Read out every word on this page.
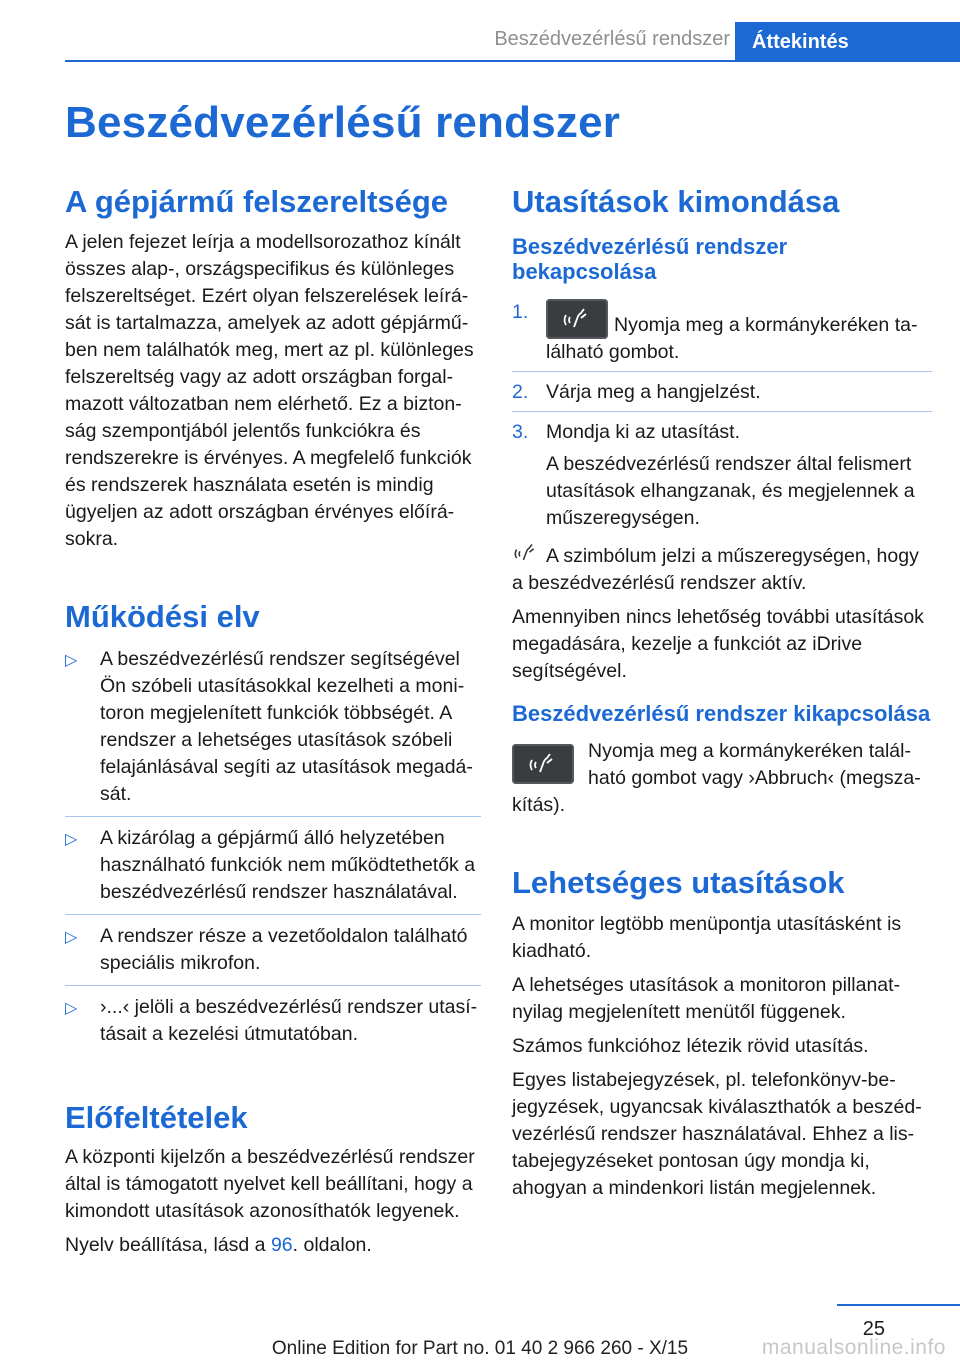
Beszédvezérlésű rendszer	Áttekintés
Beszédvezérlésű rendszer
A gépjármű felszereltsége

A jelen fejezet leírja a modellsorozathoz kínált összes alap-, országspecifikus és különleges felszereltséget. Ezért olyan felszerelések leírását is tartalmazza, amelyek az adott gépjárműben nem találhatók meg, mert az pl. különleges felszereltség vagy az adott országban forgalmazott változatban nem elérhető. Ez a biztonság szempontjából jelentős funkciókra és rendszerekre is érvényes. A megfelelő funkciók és rendszerek használata esetén is mindig ügyeljen az adott országban érvényes előírásokra.

Működési elv
▷ A beszédvezérlésű rendszer segítségével Ön szóbeli utasításokkal kezelheti a monitoron megjelenített funkciók többségét. A rendszer a lehetséges utasítások szóbeli felajánlásával segíti az utasítások megadását.
▷ A kizárólag a gépjármű álló helyzetében használható funkciók nem működtethetők a beszédvezérlésű rendszer használatával.
▷ A rendszer része a vezetőoldalon található speciális mikrofon.
▷ ›...‹ jelöli a beszédvezérlésű rendszer utasításait a kezelési útmutatóban.
Előfeltételek

A központi kijelzőn a beszédvezérlésű rendszer által is támogatott nyelvet kell beállítani, hogy a kimondott utasítások azonosíthatók legyenek.

Nyelv beállítása, lásd a 96. oldalon.

Utasítások kimondása
Beszédvezérlésű rendszer bekapcsolása
1.
Nyomja meg a kormánykeréken található gombot.
2. Várja meg a hangjelzést.
3. Mondja ki az utasítást.

A beszédvezérlésű rendszer által felismert utasítások elhangzanak, és megjelennek a műszeregységen.

A szimbólum jelzi a műszeregységen, hogy a beszédvezérlésű rendszer aktív.

Amennyiben nincs lehetőség további utasítások megadására, kezelje a funkciót az iDrive segítségével.

Beszédvezérlésű rendszer kikapcsolása

Nyomja meg a kormánykeréken található gombot vagy ›Abbruch‹ (megszakítás).

Lehetséges utasítások

A monitor legtöbb menüpontja utasításként is kiadható.

A lehetséges utasítások a monitoron pillanatnyilag megjelenített menütől függenek.

Számos funkcióhoz létezik rövid utasítás.

Egyes listabejegyzések, pl. telefonkönyv-bejegyzések, ugyancsak kiválaszthatók a beszédvezérlésű rendszer használatával. Ehhez a listabejegyzéseket pontosan úgy mondja ki, ahogyan a mindenkori listán megjelennek.

25
Online Edition for Part no. 01 40 2 966 260 - X/15	manualsonline.info
